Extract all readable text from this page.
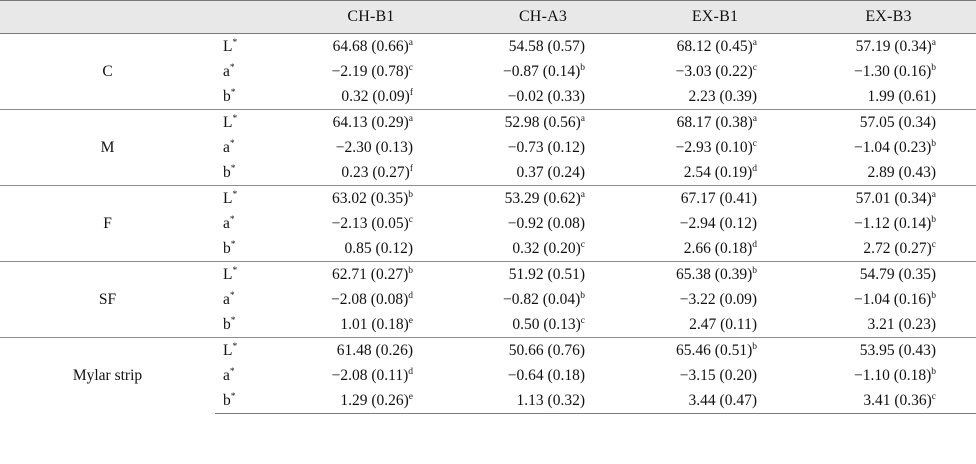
		CH-B1	CH-A3	EX-B1	EX-B3
C	L*	64.68 $(0.66)^a$	54.58 (0.57)	68.12 $(0.45)^a$	57.19 $(0.34)^a$
	a*	−2.19 $(0.78)^c$	−0.87 $(0.14)^b$	−3.03 $(0.22)^c$	−1.30 $(0.16)^b$
	b*	0.32 $(0.09)^f$	−0.02 (0.33)	2.23 (0.39)	1.99 (0.61)
M	L*	64.13 $(0.29)^a$	52.98 $(0.56)^a$	68.17 $(0.38)^a$	57.05 (0.34)
	a*	−2.30 (0.13)	−0.73 (0.12)	−2.93 $(0.10)^c$	−1.04 $(0.23)^b$
	b*	0.23 $(0.27)^f$	0.37 (0.24)	2.54 $(0.19)^d$	2.89 (0.43)
F	L*	63.02 $(0.35)^b$	53.29 $(0.62)^a$	67.17 (0.41)	57.01 $(0.34)^a$
	a*	−2.13 $(0.05)^c$	−0.92 (0.08)	−2.94 (0.12)	−1.12 $(0.14)^b$
	b*	0.85 (0.12)	0.32 $(0.20)^c$	2.66 $(0.18)^d$	2.72 $(0.27)^c$
SF	L*	62.71 $(0.27)^b$	51.92 (0.51)	65.38 $(0.39)^b$	54.79 (0.35)
	a*	−2.08 $(0.08)^d$	−0.82 $(0.04)^b$	−3.22 (0.09)	−1.04 $(0.16)^b$
	b*	1.01 $(0.18)^e$	0.50 $(0.13)^c$	2.47 (0.11)	3.21 (0.23)
Mylar strip	L*	61.48 (0.26)	50.66 (0.76)	65.46 $(0.51)^b$	53.95 (0.43)
	a*	−2.08 $(0.11)^d$	−0.64 (0.18)	−3.15 (0.20)	−1.10 $(0.18)^b$
	b*	1.29 $(0.26)^e$	1.13 (0.32)	3.44 (0.47)	3.41 $(0.36)^c$
